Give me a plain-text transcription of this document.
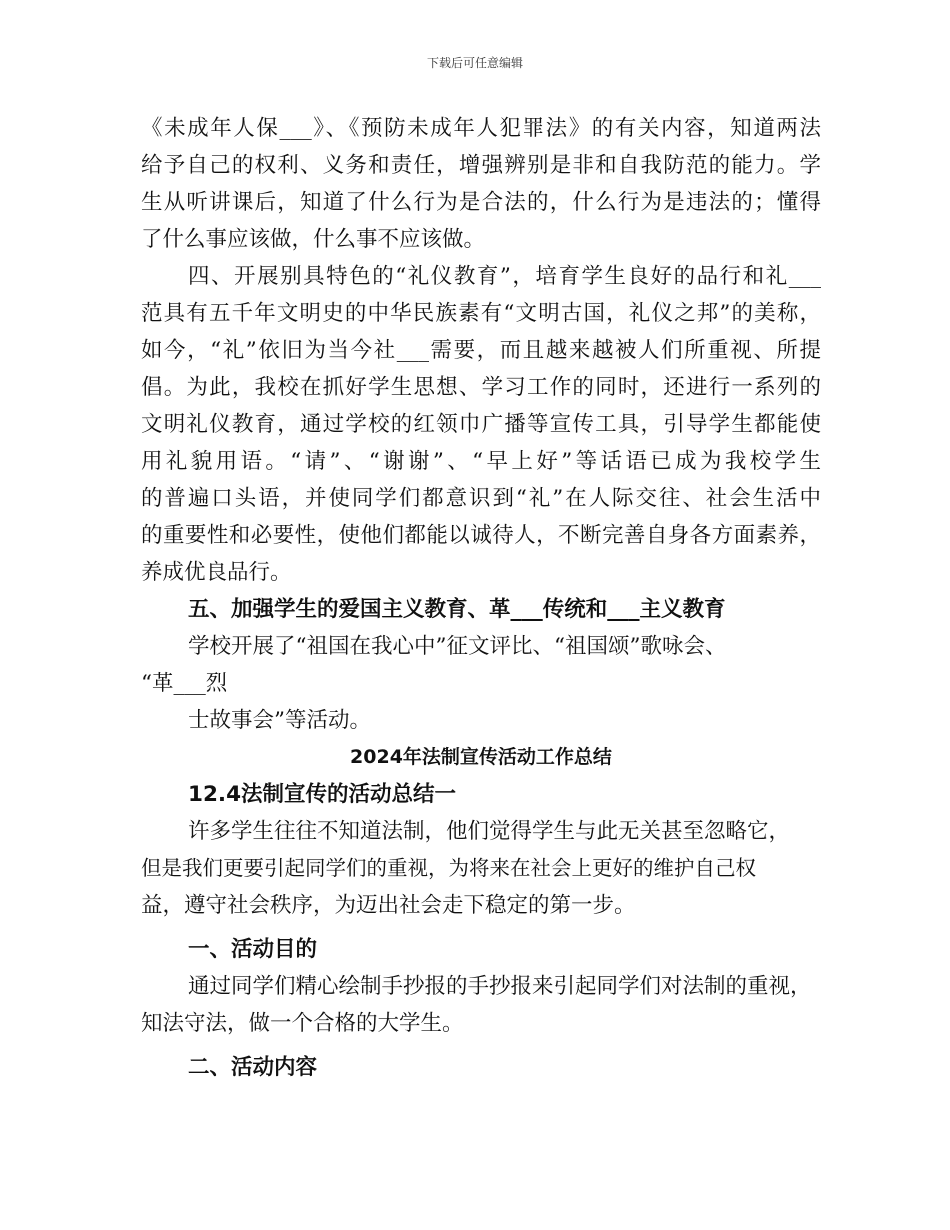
下载后可任意编辑
《未成年人保___》、《预防未成年人犯罪法》的有关内容，知道两法
给予自己的权利、义务和责任，增强辨别是非和自我防范的能力。学
生从听讲课后，知道了什么行为是合法的，什么行为是违法的；懂得
了什么事应该做，什么事不应该做。
四、开展别具特色的“礼仪教育”，培育学生良好的品行和礼___
范具有五千年文明史的中华民族素有“文明古国，礼仪之邦”的美称，
如今，“礼”依旧为当今社___需要，而且越来越被人们所重视、所提
倡。为此，我校在抓好学生思想、学习工作的同时，还进行一系列的
文明礼仪教育，通过学校的红领巾广播等宣传工具，引导学生都能使
用礼貌用语。“请”、“谢谢”、“早上好”等话语已成为我校学生
的普遍口头语，并使同学们都意识到“礼”在人际交往、社会生活中
的重要性和必要性，使他们都能以诚待人，不断完善自身各方面素养，
养成优良品行。
五、加强学生的爱国主义教育、革___传统和___主义教育
学校开展了“祖国在我心中”征文评比、“祖国颂”歌咏会、
“革___烈
士故事会”等活动。
2024年法制宣传活动工作总结
12.4法制宣传的活动总结一
许多学生往往不知道法制，他们觉得学生与此无关甚至忽略它，
但是我们更要引起同学们的重视，为将来在社会上更好的维护自己权
益，遵守社会秩序，为迈出社会走下稳定的第一步。
一、活动目的
通过同学们精心绘制手抄报的手抄报来引起同学们对法制的重视，
知法守法，做一个合格的大学生。
二、活动内容
